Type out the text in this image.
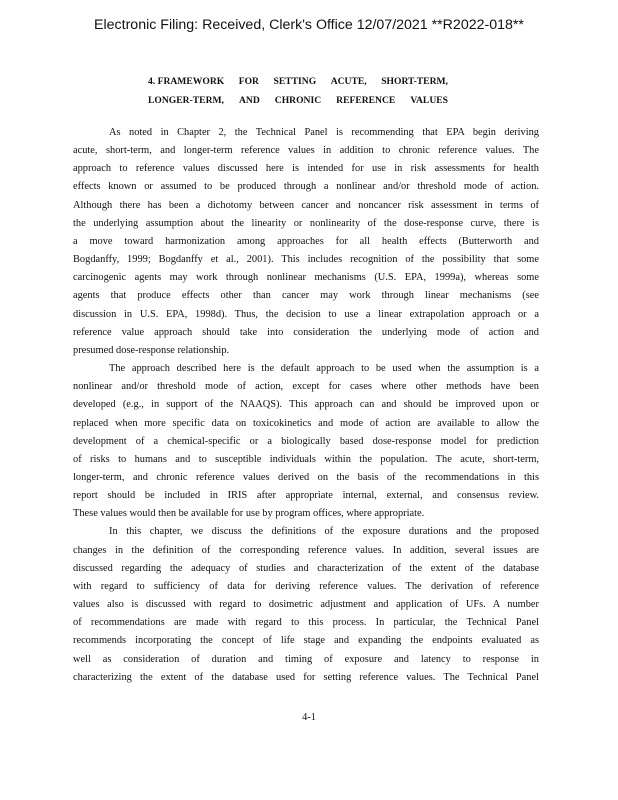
Electronic Filing: Received, Clerk's Office 12/07/2021 **R2022-018**
4. FRAMEWORK FOR SETTING ACUTE, SHORT-TERM,
LONGER-TERM, AND CHRONIC REFERENCE VALUES
As noted in Chapter 2, the Technical Panel is recommending that EPA begin deriving
acute, short-term, and longer-term reference values in addition to chronic reference values. The
approach to reference values discussed here is intended for use in risk assessments for health
effects known or assumed to be produced through a nonlinear and/or threshold mode of action.
Although there has been a dichotomy between cancer and noncancer risk assessment in terms of
the underlying assumption about the linearity or nonlinearity of the dose-response curve, there is
a move toward harmonization among approaches for all health effects (Butterworth and
Bogdanffy, 1999; Bogdanffy et al., 2001). This includes recognition of the possibility that some
carcinogenic agents may work through nonlinear mechanisms (U.S. EPA, 1999a), whereas some
agents that produce effects other than cancer may work through linear mechanisms (see
discussion in U.S. EPA, 1998d). Thus, the decision to use a linear extrapolation approach or a
reference value approach should take into consideration the underlying mode of action and
presumed dose-response relationship.
The approach described here is the default approach to be used when the assumption is a
nonlinear and/or threshold mode of action, except for cases where other methods have been
developed (e.g., in support of the NAAQS). This approach can and should be improved upon or
replaced when more specific data on toxicokinetics and mode of action are available to allow the
development of a chemical-specific or a biologically based dose-response model for prediction
of risks to humans and to susceptible individuals within the population. The acute, short-term,
longer-term, and chronic reference values derived on the basis of the recommendations in this
report should be included in IRIS after appropriate internal, external, and consensus review.
These values would then be available for use by program offices, where appropriate.
In this chapter, we discuss the definitions of the exposure durations and the proposed
changes in the definition of the corresponding reference values. In addition, several issues are
discussed regarding the adequacy of studies and characterization of the extent of the database
with regard to sufficiency of data for deriving reference values. The derivation of reference
values also is discussed with regard to dosimetric adjustment and application of UFs. A number
of recommendations are made with regard to this process. In particular, the Technical Panel
recommends incorporating the concept of life stage and expanding the endpoints evaluated as
well as consideration of duration and timing of exposure and latency to response in
characterizing the extent of the database used for setting reference values. The Technical Panel
4-1
